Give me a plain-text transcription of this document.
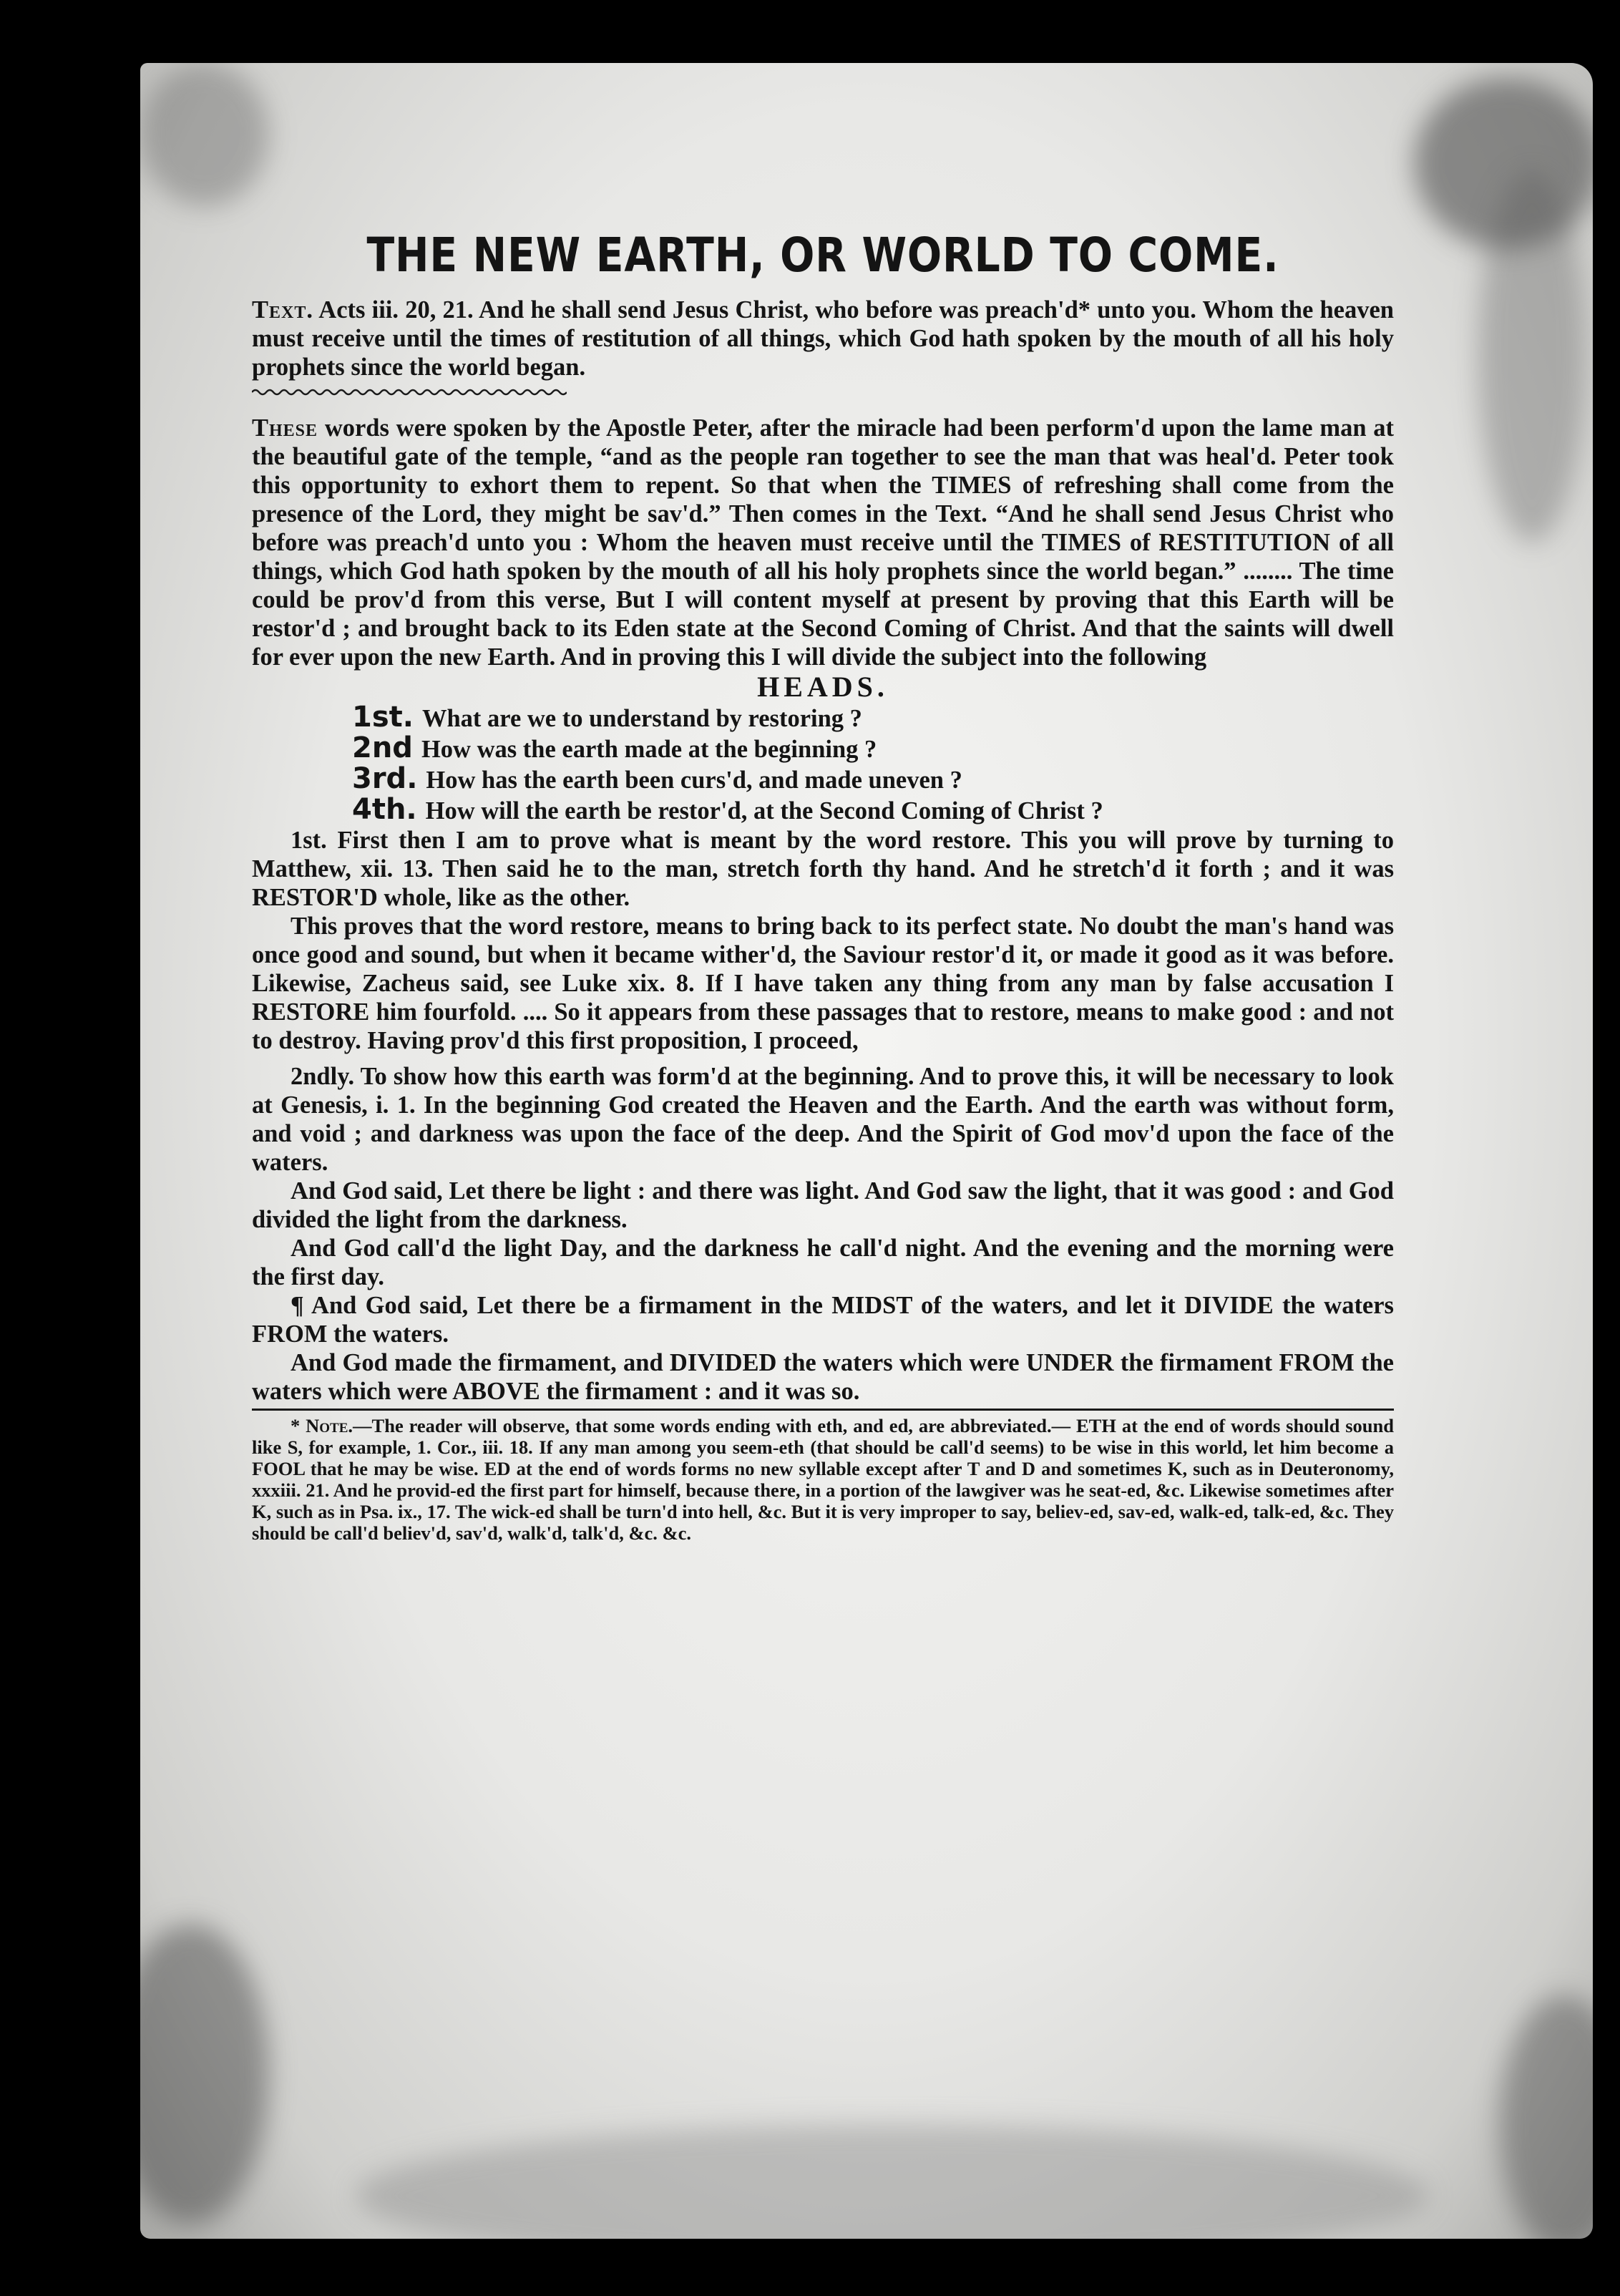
THE NEW EARTH, OR WORLD TO COME.

Text. Acts iii. 20, 21. And he shall send Jesus Christ, who before was preach'd* unto you. Whom the heaven must receive until the times of restitution of all things, which God hath spoken by the mouth of all his holy prophets since the world began.

These words were spoken by the Apostle Peter, after the miracle had been perform'd upon the lame man at the beautiful gate of the temple, “and as the people ran together to see the man that was heal'd. Peter took this opportunity to exhort them to repent. So that when the TIMES of refreshing shall come from the presence of the Lord, they might be sav'd.” Then comes in the Text. “And he shall send Jesus Christ who before was preach'd unto you : Whom the heaven must receive until the TIMES of RESTITUTION of all things, which God hath spoken by the mouth of all his holy prophets since the world began.” ........ The time could be prov'd from this verse, But I will content myself at present by proving that this Earth will be restor'd ; and brought back to its Eden state at the Second Coming of Christ. And that the saints will dwell for ever upon the new Earth. And in proving this I will divide the subject into the following

HEADS.
1st. What are we to understand by restoring ?
2nd How was the earth made at the beginning ?
3rd. How has the earth been curs'd, and made uneven ?
4th. How will the earth be restor'd, at the Second Coming of Christ ?

1st. First then I am to prove what is meant by the word restore. This you will prove by turning to Matthew, xii. 13. Then said he to the man, stretch forth thy hand. And he stretch'd it forth ; and it was RESTOR'D whole, like as the other.

This proves that the word restore, means to bring back to its perfect state. No doubt the man's hand was once good and sound, but when it became wither'd, the Saviour restor'd it, or made it good as it was before. Likewise, Zacheus said, see Luke xix. 8. If I have taken any thing from any man by false accusation I RESTORE him fourfold. .... So it appears from these passages that to restore, means to make good : and not to destroy. Having prov'd this first proposition, I proceed,

2ndly. To show how this earth was form'd at the beginning. And to prove this, it will be necessary to look at Genesis, i. 1. In the beginning God created the Heaven and the Earth. And the earth was without form, and void ; and darkness was upon the face of the deep. And the Spirit of God mov'd upon the face of the waters.

And God said, Let there be light : and there was light. And God saw the light, that it was good : and God divided the light from the darkness.

And God call'd the light Day, and the darkness he call'd night. And the evening and the morning were the first day.

¶ And God said, Let there be a firmament in the MIDST of the waters, and let it DIVIDE the waters FROM the waters.

And God made the firmament, and DIVIDED the waters which were UNDER the firmament FROM the waters which were ABOVE the firmament : and it was so.

* Note.—The reader will observe, that some words ending with eth, and ed, are abbreviated.— ETH at the end of words should sound like S, for example, 1. Cor., iii. 18. If any man among you seem-eth (that should be call'd seems) to be wise in this world, let him become a FOOL that he may be wise. ED at the end of words forms no new syllable except after T and D and sometimes K, such as in Deuteronomy, xxxiii. 21. And he provid-ed the first part for himself, because there, in a portion of the lawgiver was he seat-ed, &c. Likewise sometimes after K, such as in Psa. ix., 17. The wick-ed shall be turn'd into hell, &c. But it is very improper to say, believ-ed, sav-ed, walk-ed, talk-ed, &c. They should be call'd believ'd, sav'd, walk'd, talk'd, &c. &c.
